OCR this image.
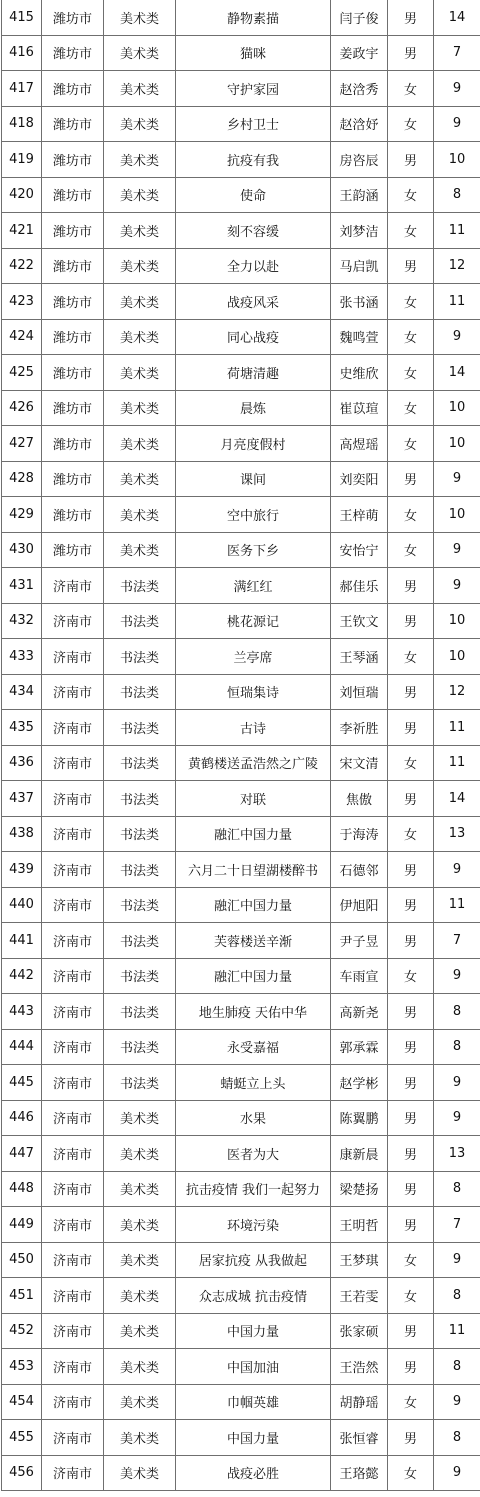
415	潍坊市	美术类	静物素描	闫子俊	男	14
416	潍坊市	美术类	猫咪	姜政宇	男	7
417	潍坊市	美术类	守护家园	赵浛秀	女	9
418	潍坊市	美术类	乡村卫士	赵浛妤	女	9
419	潍坊市	美术类	抗疫有我	房咨辰	男	10
420	潍坊市	美术类	使命	王韵涵	女	8
421	潍坊市	美术类	刻不容缓	刘梦洁	女	11
422	潍坊市	美术类	全力以赴	马启凯	男	12
423	潍坊市	美术类	战疫风采	张书涵	女	11
424	潍坊市	美术类	同心战疫	魏鸣萱	女	9
425	潍坊市	美术类	荷塘清趣	史维欣	女	14
426	潍坊市	美术类	晨炼	崔苡瑄	女	10
427	潍坊市	美术类	月亮度假村	高煜瑶	女	10
428	潍坊市	美术类	课间	刘奕阳	男	9
429	潍坊市	美术类	空中旅行	王梓萌	女	10
430	潍坊市	美术类	医务下乡	安怡宁	女	9
431	济南市	书法类	满红红	郝佳乐	男	9
432	济南市	书法类	桃花源记	王钦文	男	10
433	济南市	书法类	兰亭席	王琴涵	女	10
434	济南市	书法类	恒瑞集诗	刘恒瑞	男	12
435	济南市	书法类	古诗	李祈胜	男	11
436	济南市	书法类	黄鹤楼送孟浩然之广陵	宋文清	女	11
437	济南市	书法类	对联	焦傲	男	14
438	济南市	书法类	融汇中国力量	于海涛	女	13
439	济南市	书法类	六月二十日望湖楼醉书	石德邻	男	9
440	济南市	书法类	融汇中国力量	伊旭阳	男	11
441	济南市	书法类	芙蓉楼送辛渐	尹子昱	男	7
442	济南市	书法类	融汇中国力量	车雨宣	女	9
443	济南市	书法类	地生肺疫 天佑中华	高新尧	男	8
444	济南市	书法类	永受嘉福	郭承霖	男	8
445	济南市	书法类	蜻蜓立上头	赵学彬	男	9
446	济南市	美术类	水果	陈翼鹏	男	9
447	济南市	美术类	医者为大	康新晨	男	13
448	济南市	美术类	抗击疫情 我们一起努力	梁楚扬	男	8
449	济南市	美术类	环境污染	王明哲	男	7
450	济南市	美术类	居家抗疫 从我做起	王梦琪	女	9
451	济南市	美术类	众志成城 抗击疫情	王若雯	女	8
452	济南市	美术类	中国力量	张家硕	男	11
453	济南市	美术类	中国加油	王浩然	男	8
454	济南市	美术类	巾帼英雄	胡静瑶	女	9
455	济南市	美术类	中国力量	张恒睿	男	8
456	济南市	美术类	战疫必胜	王珞懿	女	9
